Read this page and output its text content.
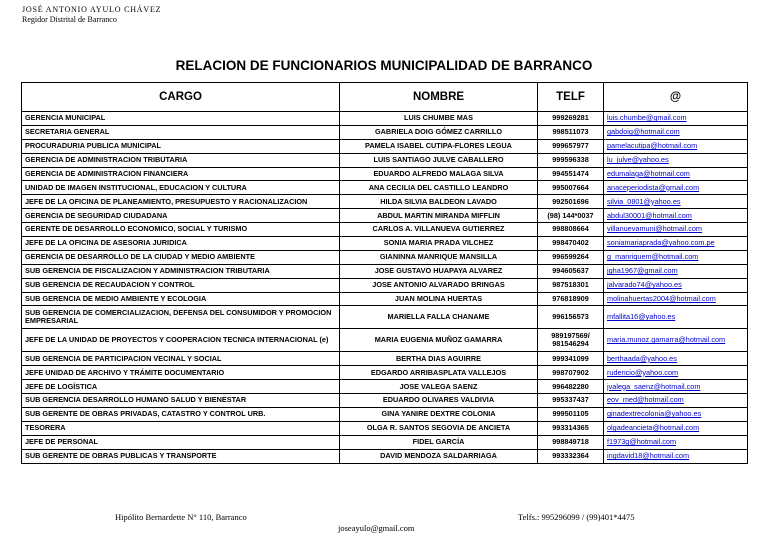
JOSÉ ANTONIO AYULO CHÁVEZ
Regidor Distrital de Barranco
RELACION DE FUNCIONARIOS MUNICIPALIDAD DE BARRANCO
CARGO	NOMBRE	TELF	@
GERENCIA MUNICIPAL	LUIS CHUMBE MAS	999269281	luis.chumbe@gmail.com
SECRETARIA GENERAL	GABRIELA DOIG GÓMEZ CARRILLO	998511073	gabdoig@hotmail.com
PROCURADURIA PUBLICA MUNICIPAL	PAMELA ISABEL CUTIPA-FLORES LEGUA	999657977	pamelacutipa@hotmail.com
GERENCIA DE ADMINISTRACION TRIBUTARIA	LUIS SANTIAGO JULVE CABALLERO	999596338	lu_julve@yahoo.es
GERENCIA DE ADMINISTRACION FINANCIERA	EDUARDO ALFREDO MALAGA SILVA	994551474	edumalaga@hotmail.com
UNIDAD DE IMAGEN INSTITUCIONAL, EDUCACION Y CULTURA	ANA CECILIA DEL CASTILLO LEANDRO	995007664	anaceperiodista@gmail.com
JEFE DE LA OFICINA DE PLANEAMIENTO, PRESUPUESTO Y RACIONALIZACION	HILDA SILVIA BALDEON LAVADO	992501696	silvia_0801@yahoo.es
GERENCIA DE SEGURIDAD CIUDADANA	ABDUL MARTIN MIRANDA MIFFLIN	(98) 144*0037	abdul30001@hotmail.com
GERENTE DE DESARROLLO ECONOMICO, SOCIAL Y TURISMO	CARLOS A. VILLANUEVA GUTIERREZ	998808664	villanuevamuni@hotmail.com
JEFE DE LA OFICINA DE ASESORIA JURIDICA	SONIA MARIA PRADA VILCHEZ	998470402	soniamariaprada@yahoo.com.pe
GERENCIA DE DESARROLLO DE LA CIUDAD Y MEDIO AMBIENTE	GIANINNA MANRIQUE MANSILLA	996599264	g_manriquem@hotmail.com
SUB GERENCIA DE FISCALIZACION Y ADMINISTRACION TRIBUTARIA	JOSE GUSTAVO HUAPAYA ALVAREZ	994605637	jgha1967@gmail.com
SUB GERENCIA DE RECAUDACION Y CONTROL	JOSE ANTONIO ALVARADO BRINGAS	987518301	jalvarado74@yahoo.es
SUB GERENCIA DE MEDIO AMBIENTE Y ECOLOGIA	JUAN MOLINA HUERTAS	976818909	molinahuertas2004@hotmail.com
SUB GERENCIA DE COMERCIALIZACION, DEFENSA DEL CONSUMIDOR Y PROMOCION EMPRESARIAL	MARIELLA FALLA CHANAME	996156573	mfallita16@yahoo.es
JEFE DE LA UNIDAD DE PROYECTOS Y COOPERACION TECNICA INTERNACIONAL (e)	MARIA EUGENIA MUÑOZ GAMARRA	989197569/ 981546294	maria.munoz.gamarra@hotmail.com
SUB GERENCIA DE PARTICIPACION VECINAL Y SOCIAL	BERTHA DIAS AGUIRRE	999341099	berthaada@yahoo.es
JEFE UNIDAD DE ARCHIVO Y TRÁMITE DOCUMENTARIO	EDGARDO ARRIBASPLATA VALLEJOS	998707902	rudencio@yahoo.com
JEFE DE LOGÍSTICA	JOSE VALEGA SAENZ	996482280	jvalega_saenz@hotmail.com
SUB GERENCIA DESARROLLO HUMANO SALUD Y BIENESTAR	EDUARDO OLIVARES VALDIVIA	995337437	eov_med@hotmail.com
SUB GERENTE DE OBRAS PRIVADAS, CATASTRO Y CONTROL URB.	GINA YANIRE DEXTRE COLONIA	999501105	ginadextrecolonia@yahoo.es
TESORERA	OLGA R. SANTOS SEGOVIA DE ANCIETA	993314365	olgadeancieta@hotmail.com
JEFE DE PERSONAL	FIDEL GARCÍA	998849718	f1973g@hotmail.com
SUB GERENTE DE OBRAS PUBLICAS Y TRANSPORTE	DAVID MENDOZA SALDARRIAGA	993332364	ingdavid18@hotmail.com
Hipólito Bernardette N° 110, Barranco	Telfs.: 995296099 / (99)401*4475
joseayulo@gmail.com
